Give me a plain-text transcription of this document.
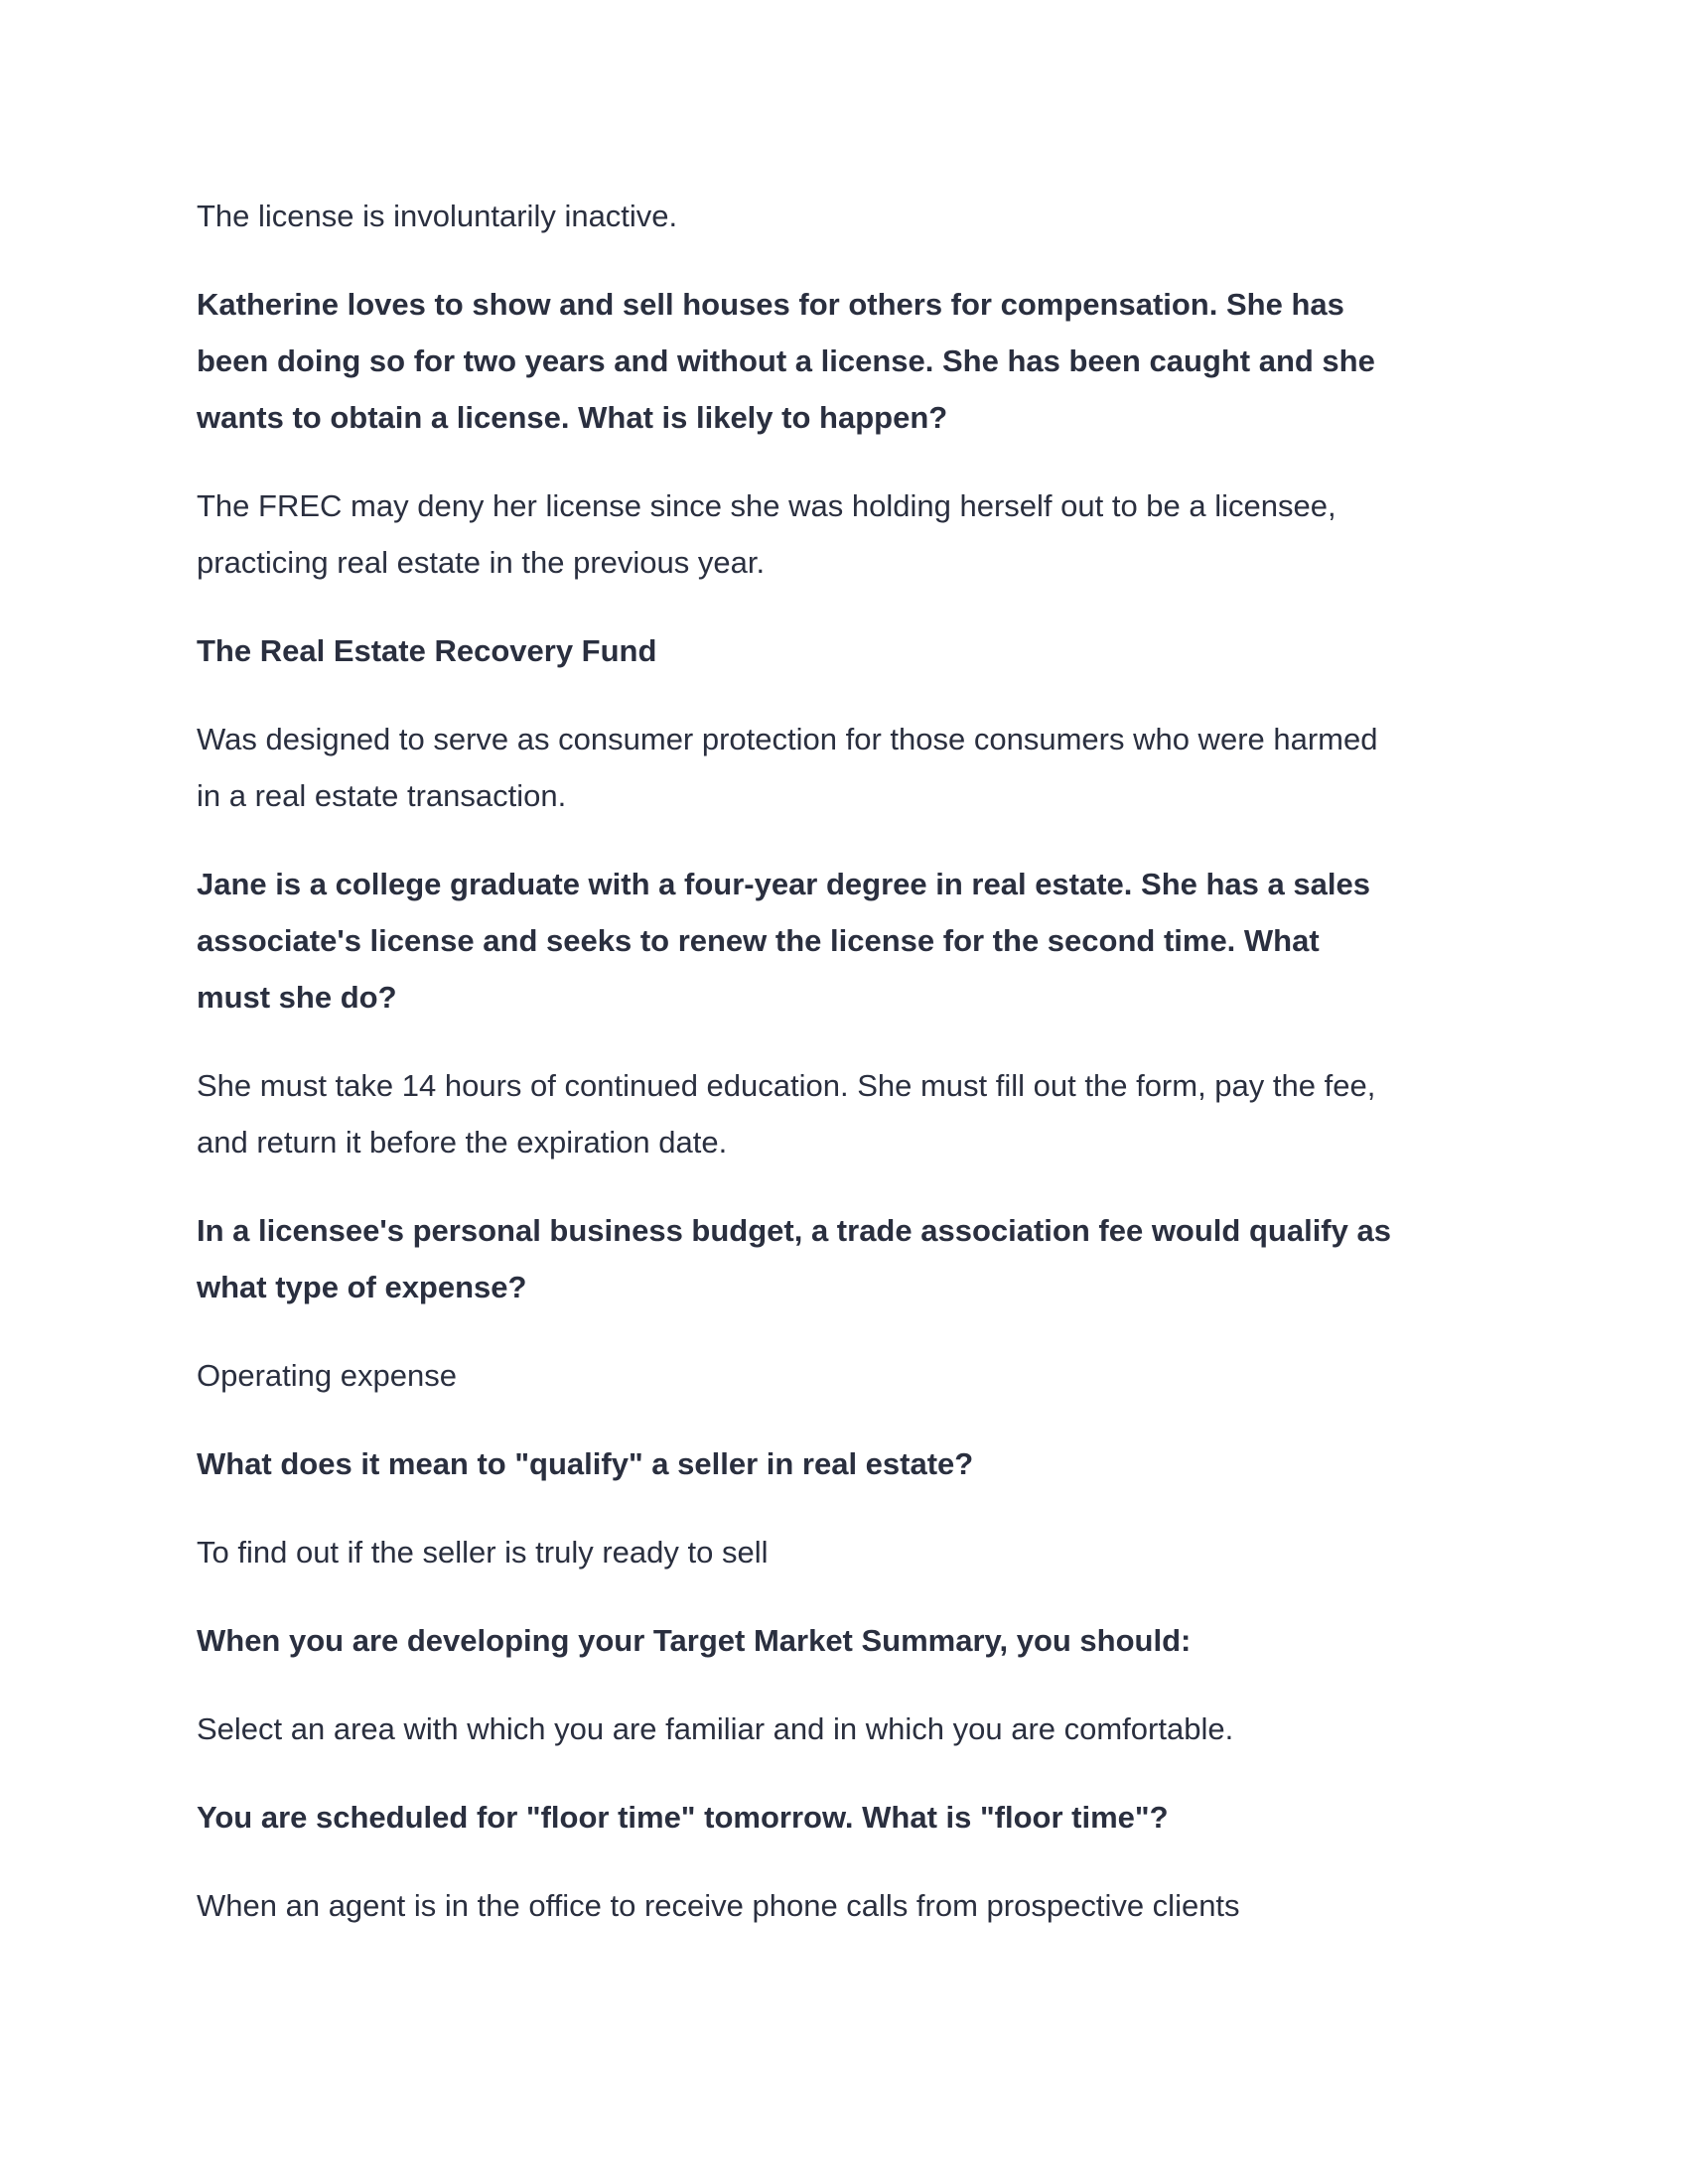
The license is involuntarily inactive.
Katherine loves to show and sell houses for others for compensation. She has
been doing so for two years and without a license. She has been caught and she
wants to obtain a license. What is likely to happen?
The FREC may deny her license since she was holding herself out to be a licensee,
practicing real estate in the previous year.
The Real Estate Recovery Fund
Was designed to serve as consumer protection for those consumers who were harmed
in a real estate transaction.
Jane is a college graduate with a four-year degree in real estate. She has a sales
associate's license and seeks to renew the license for the second time. What
must she do?
She must take 14 hours of continued education. She must fill out the form, pay the fee,
and return it before the expiration date.
In a licensee's personal business budget, a trade association fee would qualify as
what type of expense?
Operating expense
What does it mean to "qualify" a seller in real estate?
To find out if the seller is truly ready to sell
When you are developing your Target Market Summary, you should:
Select an area with which you are familiar and in which you are comfortable.
You are scheduled for "floor time" tomorrow. What is "floor time"?
When an agent is in the office to receive phone calls from prospective clients
